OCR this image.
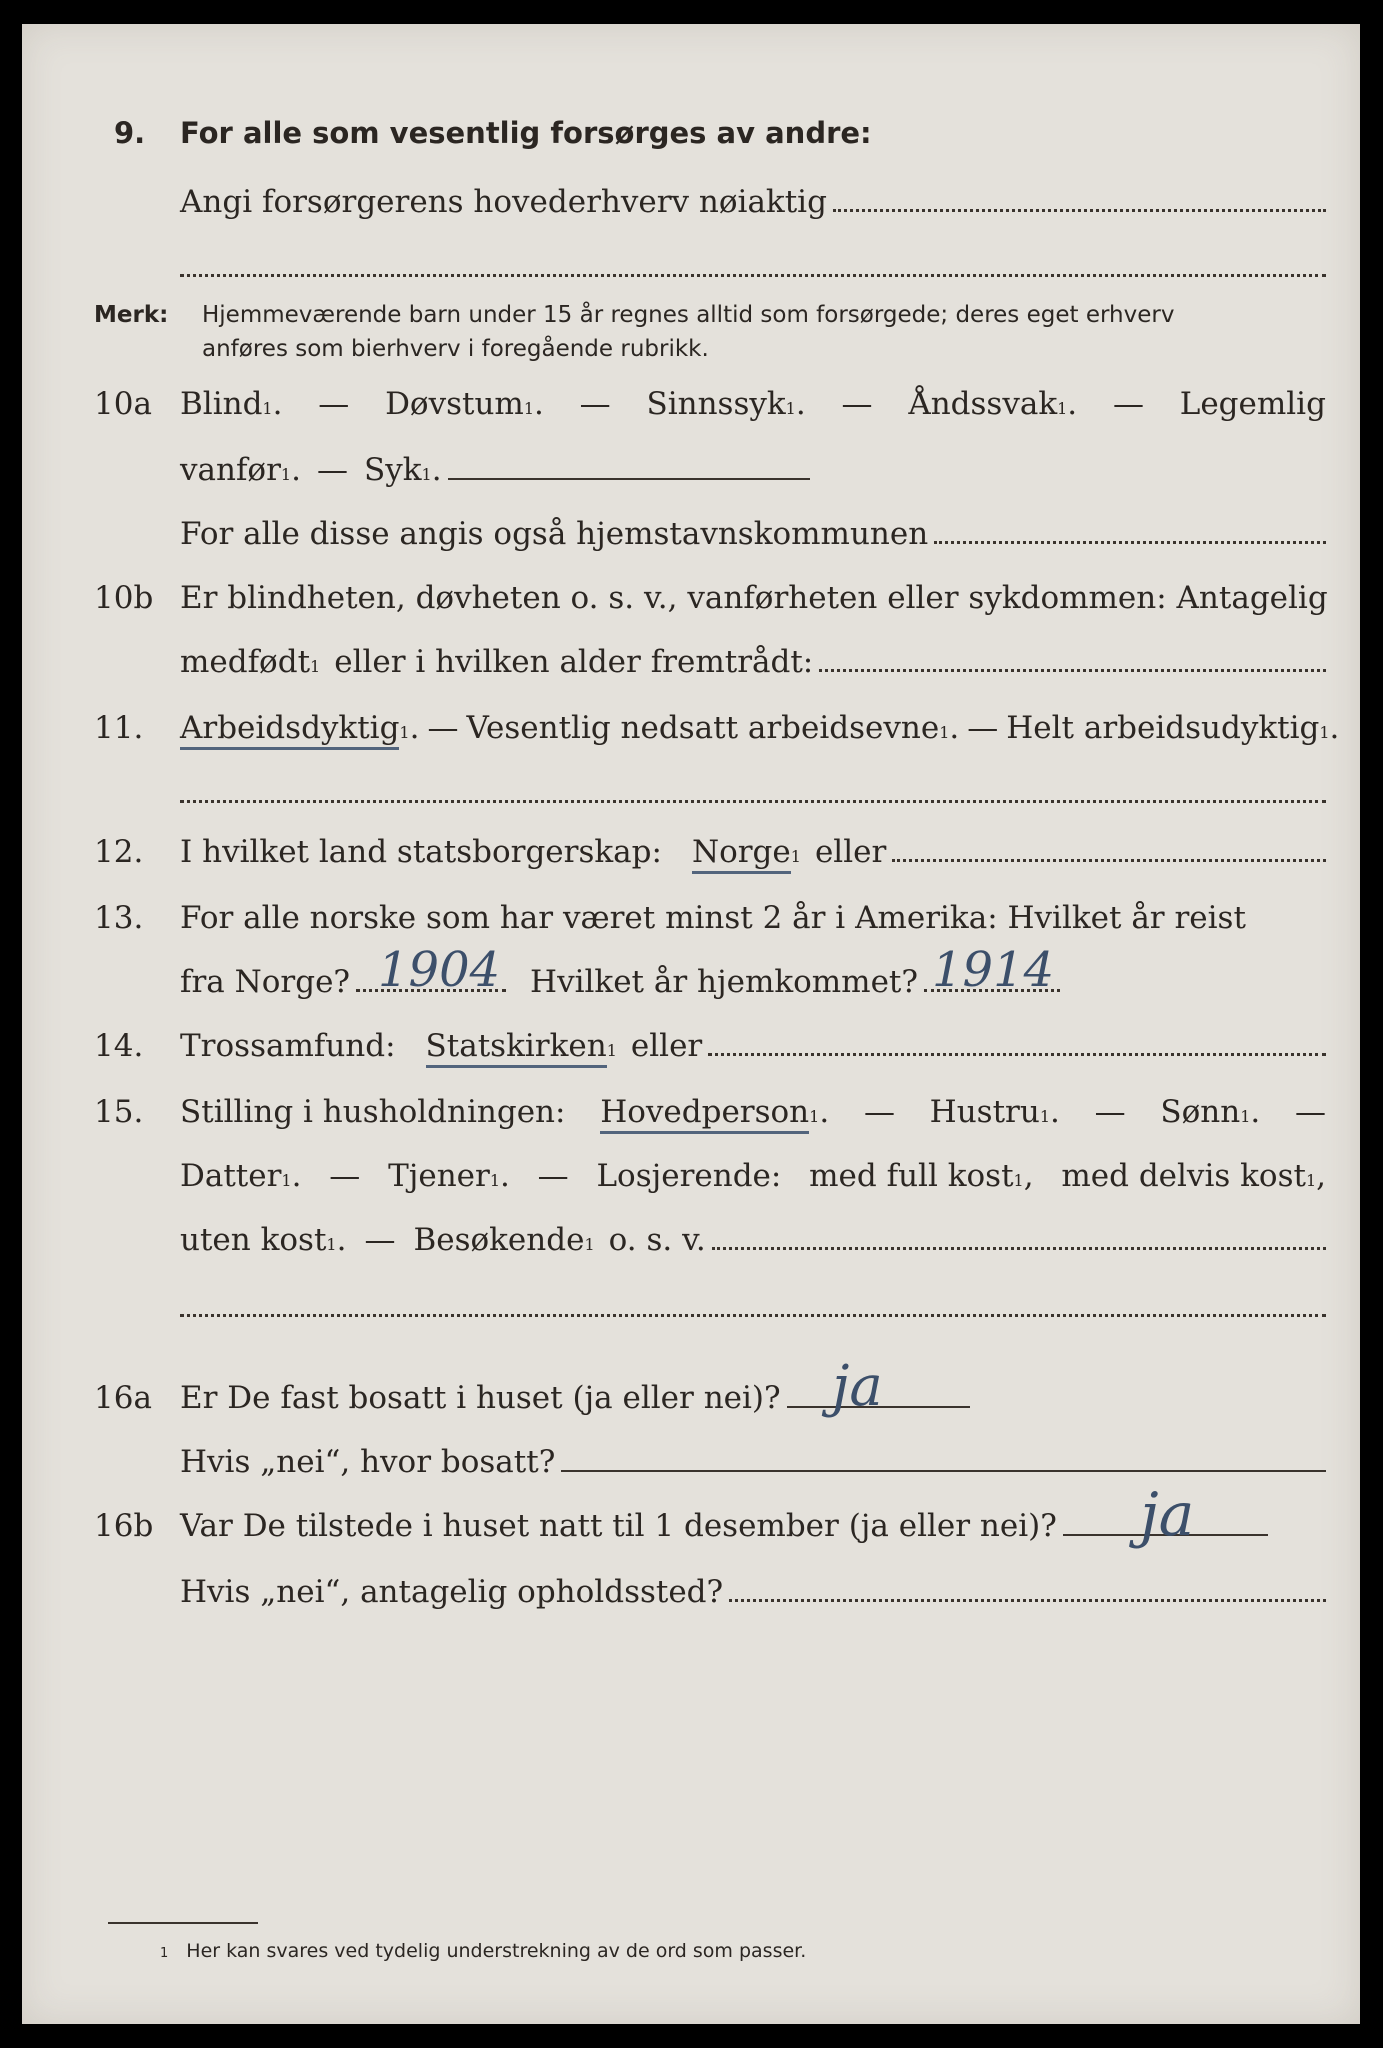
9. For alle som vesentlig forsørges av andre:
Angi forsørgerens hovederhverv nøiaktig
Merk: Hjemmeværende barn under 15 år regnes alltid som forsørgede; deres eget erhverv
anføres som bierhverv i foregående rubrikk.
10a Blind 1 . — Døvstum 1 . — Sinnssyk 1 . — Åndssvak 1 . — Legemlig
vanfør 1 . — Syk 1 .
For alle disse angis også hjemstavnskommunen
10b Er blindheten, døvheten o. s. v., vanførheten eller sykdommen: Antagelig
medfødt 1 eller i hvilken alder fremtrådt:
11. Arbeidsdyktig 1 . — Vesentlig nedsatt arbeidsevne 1 . — Helt arbeidsudyktig 1 .
12. I hvilket land statsborgerskap: Norge 1 eller
13. For alle norske som har været minst 2 år i Amerika: Hvilket år reist
fra Norge?	Hvilket år hjemkommet?
1904	1914
14. Trossamfund: Statskirken 1 eller
15. Stilling i husholdningen: Hovedperson 1 . — Hustru 1 . — Sønn 1 . —
Datter 1 . — Tjener 1 . — Losjerende: med full kost 1 , med delvis kost 1 ,
uten kost 1 . — Besøkende 1 o. s. v.
16a Er De fast bosatt i huset (ja eller nei)? ja
Hvis „nei“, hvor bosatt?
16b Var De tilstede i huset natt til 1 desember (ja eller nei)? ja
Hvis „nei“, antagelig opholdssted?
1 Her kan svares ved tydelig understrekning av de ord som passer.
